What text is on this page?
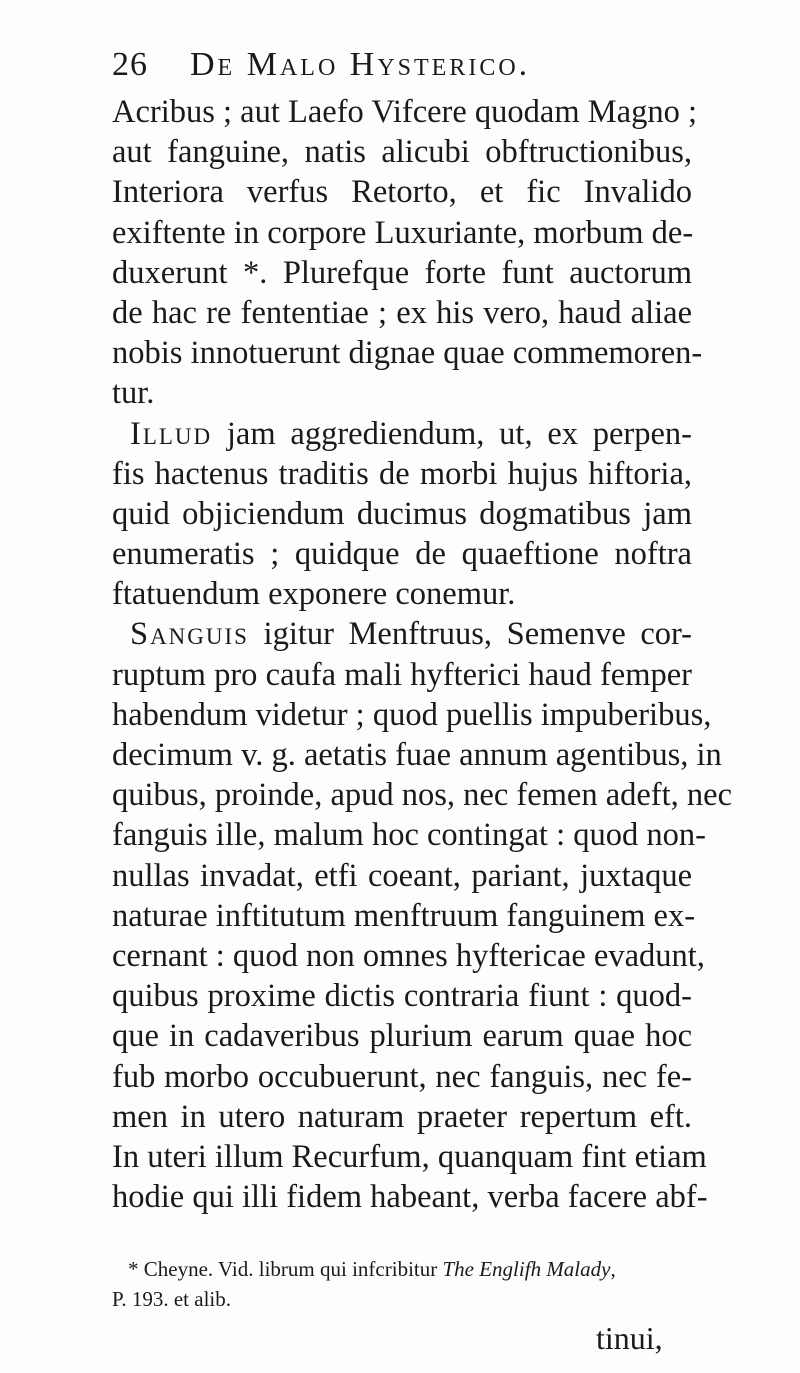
26 De Malo Hysterico.
Acribus ; aut Laefo Vifcere quodam Magno ;
aut fanguine, natis alicubi obftructionibus,
Interiora verfus Retorto, et fic Invalido
exiftente in corpore Luxuriante, morbum de-
duxerunt *. Plurefque forte funt auctorum
de hac re fententiae ; ex his vero, haud aliae
nobis innotuerunt dignae quae commemoren-
tur.
Illud jam aggrediendum, ut, ex perpen-
fis hactenus traditis de morbi hujus hiftoria,
quid objiciendum ducimus dogmatibus jam
enumeratis ; quidque de quaeftione noftra
ftatuendum exponere conemur.
Sanguis igitur Menftruus, Semenve cor-
ruptum pro caufa mali hyfterici haud femper
habendum videtur ; quod puellis impuberibus,
decimum v. g. aetatis fuae annum agentibus, in
quibus, proinde, apud nos, nec femen adeft, nec
fanguis ille, malum hoc contingat : quod non-
nullas invadat, etfi coeant, pariant, juxtaque
naturae inftitutum menftruum fanguinem ex-
cernant : quod non omnes hyftericae evadunt,
quibus proxime dictis contraria fiunt : quod-
que in cadaveribus plurium earum quae hoc
fub morbo occubuerunt, nec fanguis, nec fe-
men in utero naturam praeter repertum eft.
In uteri illum Recurfum, quanquam fint etiam
hodie qui illi fidem habeant, verba facere abf-
* Cheyne. Vid. librum qui infcribitur The Englifh Malady,
P. 193. et alib.
tinui,
